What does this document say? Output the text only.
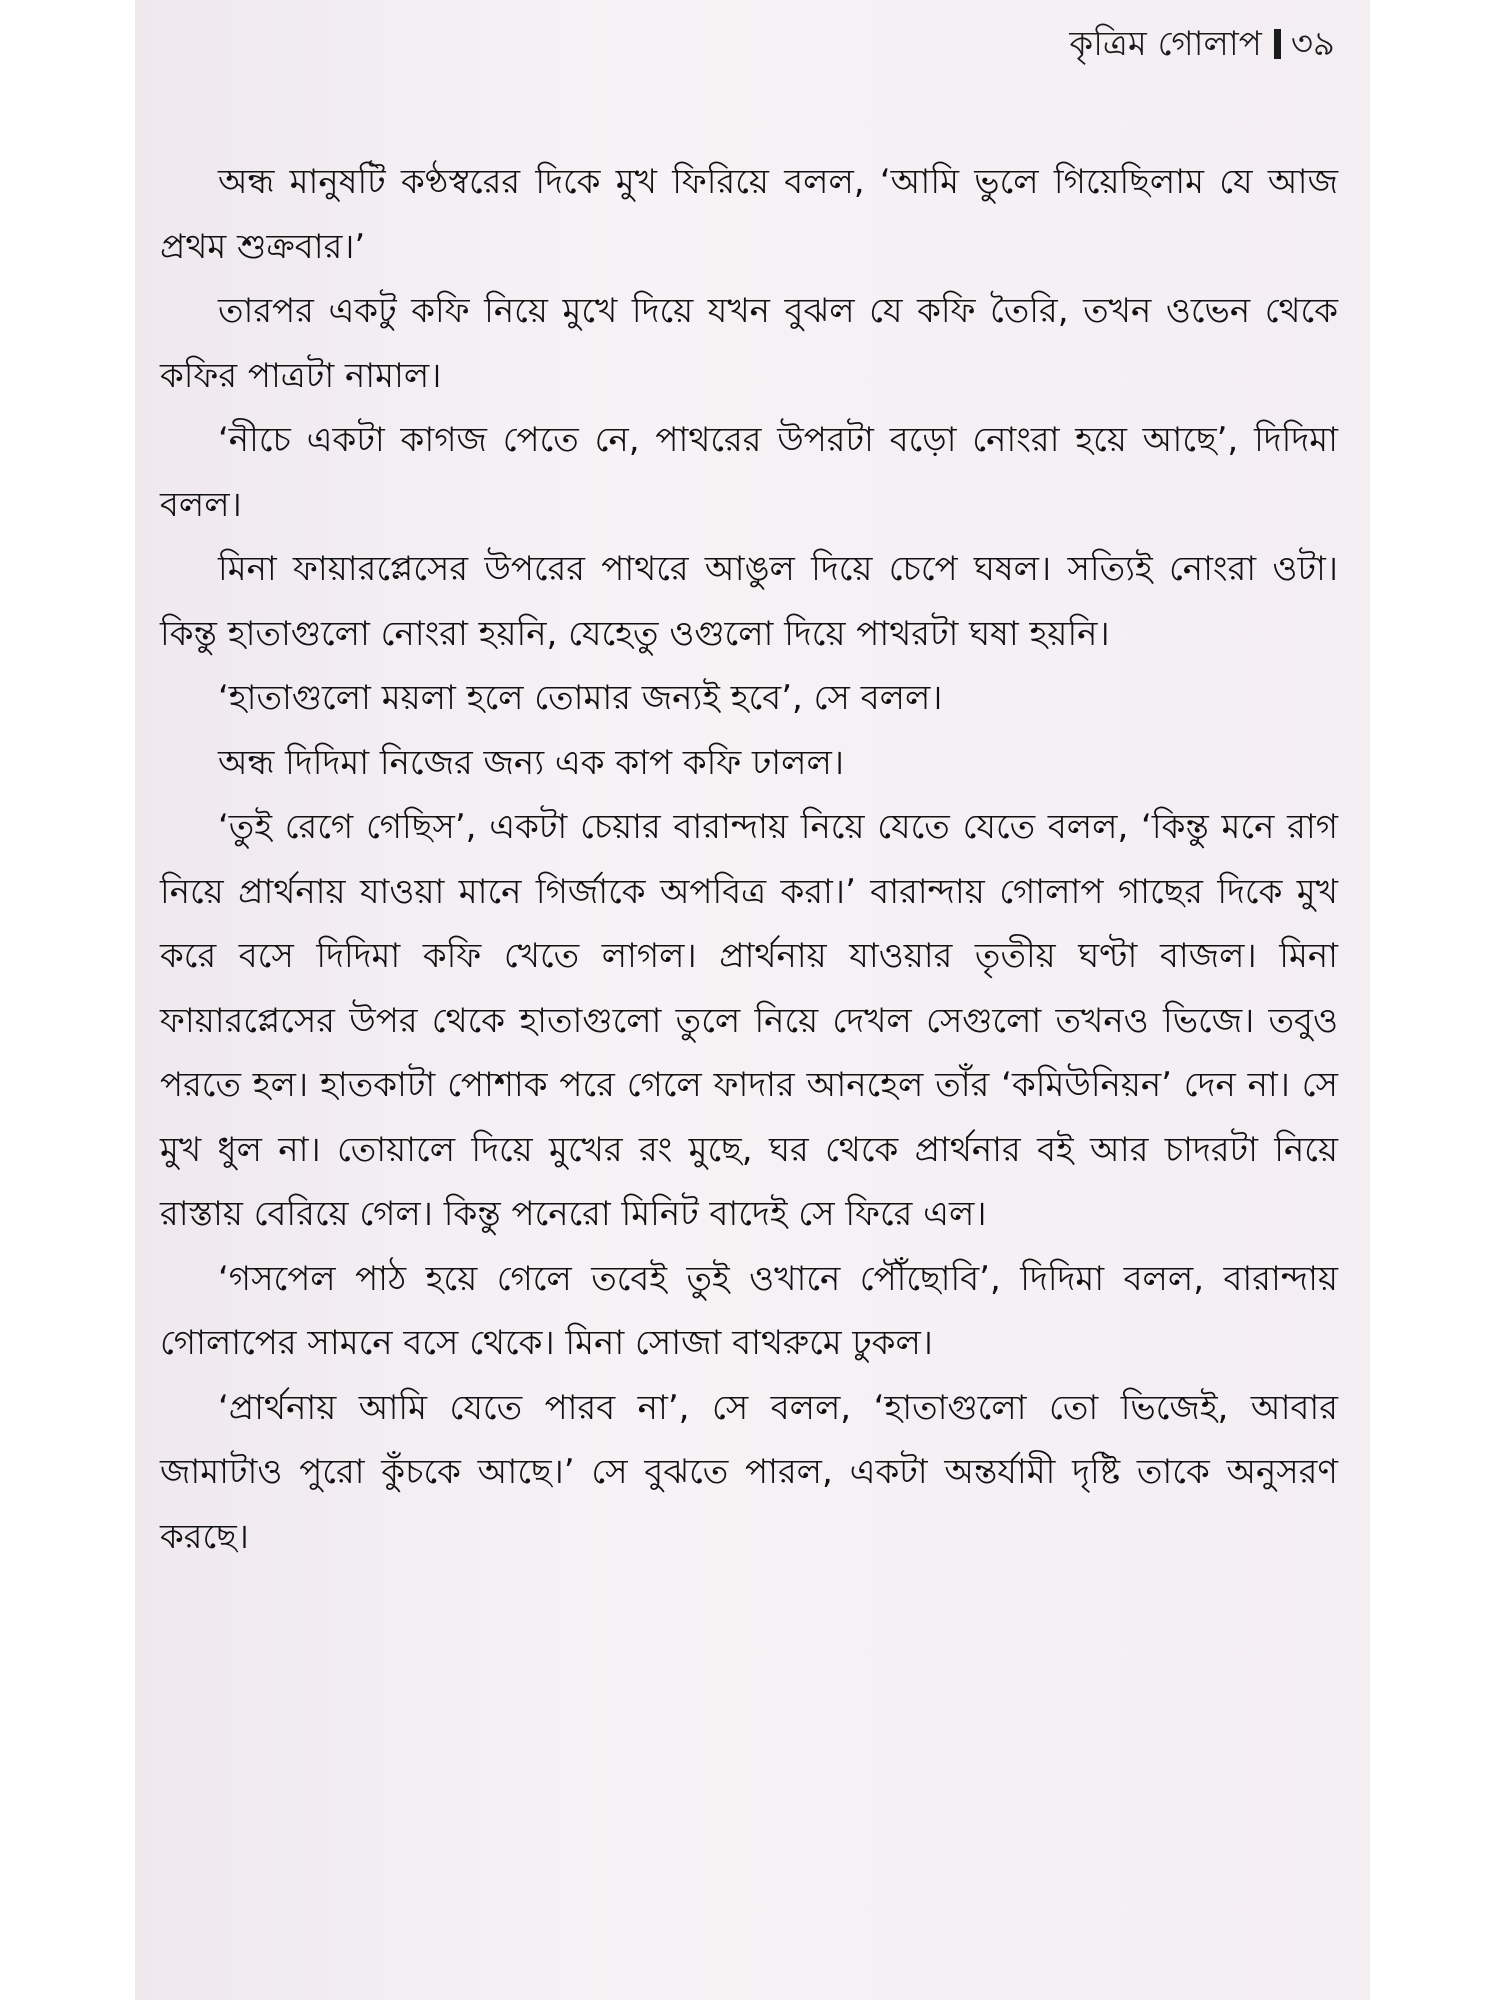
কৃত্রিম গোলাপ ৩৯

অন্ধ মানুষটি কণ্ঠস্বরের দিকে মুখ ফিরিয়ে বলল, ‘আমি ভুলে গিয়েছিলাম যে আজ প্রথম শুক্রবার।’

তারপর একটু কফি নিয়ে মুখে দিয়ে যখন বুঝল যে কফি তৈরি, তখন ওভেন থেকে কফির পাত্রটা নামাল।

‘নীচে একটা কাগজ পেতে নে, পাথরের উপরটা বড়ো নোংরা হয়ে আছে’, দিদিমা বলল।

মিনা ফায়ারপ্লেসের উপরের পাথরে আঙুল দিয়ে চেপে ঘষল। সত্যিই নোংরা ওটা। কিন্তু হাতাগুলো নোংরা হয়নি, যেহেতু ওগুলো দিয়ে পাথরটা ঘষা হয়নি।

‘হাতাগুলো ময়লা হলে তোমার জন্যই হবে’, সে বলল।

অন্ধ দিদিমা নিজের জন্য এক কাপ কফি ঢালল।

‘তুই রেগে গেছিস’, একটা চেয়ার বারান্দায় নিয়ে যেতে যেতে বলল, ‘কিন্তু মনে রাগ নিয়ে প্রার্থনায় যাওয়া মানে গির্জাকে অপবিত্র করা।’ বারান্দায় গোলাপ গাছের দিকে মুখ করে বসে দিদিমা কফি খেতে লাগল। প্রার্থনায় যাওয়ার তৃতীয় ঘণ্টা বাজল। মিনা ফায়ারপ্লেসের উপর থেকে হাতাগুলো তুলে নিয়ে দেখল সেগুলো তখনও ভিজে। তবুও পরতে হল। হাতকাটা পোশাক পরে গেলে ফাদার আনহেল তাঁর ‘কমিউনিয়ন’ দেন না। সে মুখ ধুল না। তোয়ালে দিয়ে মুখের রং মুছে, ঘর থেকে প্রার্থনার বই আর চাদরটা নিয়ে রাস্তায় বেরিয়ে গেল। কিন্তু পনেরো মিনিট বাদেই সে ফিরে এল।

‘গসপেল পাঠ হয়ে গেলে তবেই তুই ওখানে পৌঁছোবি’, দিদিমা বলল, বারান্দায় গোলাপের সামনে বসে থেকে। মিনা সোজা বাথরুমে ঢুকল।

‘প্রার্থনায় আমি যেতে পারব না’, সে বলল, ‘হাতাগুলো তো ভিজেই, আবার জামাটাও পুরো কুঁচকে আছে।’ সে বুঝতে পারল, একটা অন্তর্যামী দৃষ্টি তাকে অনুসরণ করছে।
